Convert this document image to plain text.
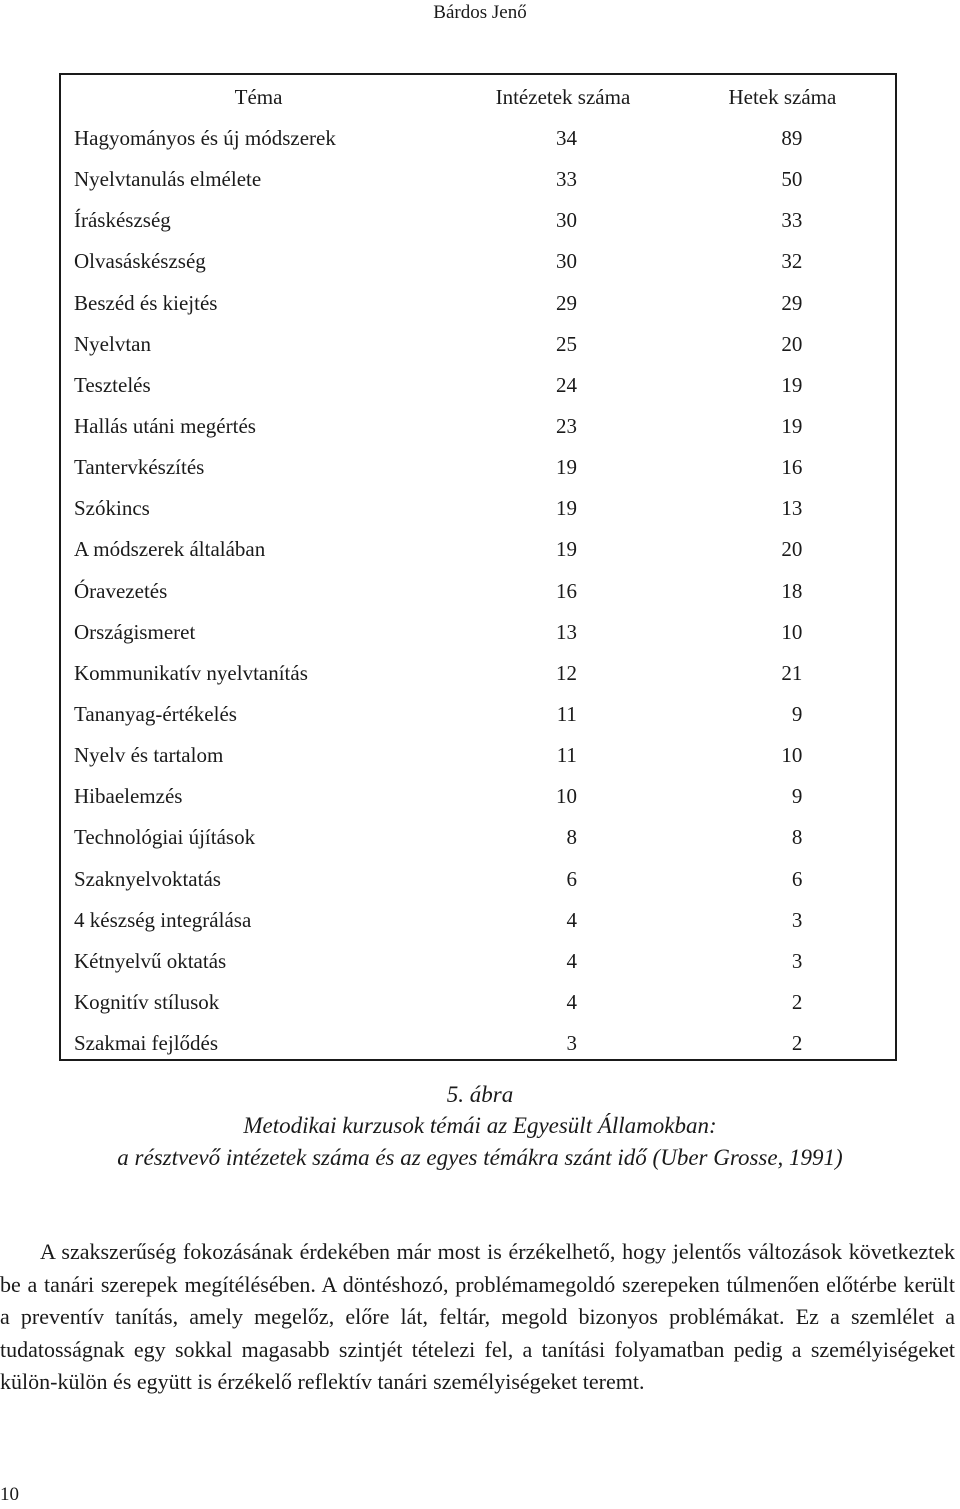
Bárdos Jenő
Téma	Intézetek száma	Hetek száma
Hagyományos és új módszerek	34	89
Nyelvtanulás elmélete	33	50
Íráskészség	30	33
Olvasáskészség	30	32
Beszéd és kiejtés	29	29
Nyelvtan	25	20
Tesztelés	24	19
Hallás utáni megértés	23	19
Tantervkészítés	19	16
Szókincs	19	13
A módszerek általában	19	20
Óravezetés	16	18
Országismeret	13	10
Kommunikatív nyelvtanítás	12	21
Tananyag-értékelés	11	9
Nyelv és tartalom	11	10
Hibaelemzés	10	9
Technológiai újítások	8	8
Szaknyelvoktatás	6	6
4 készség integrálása	4	3
Kétnyelvű oktatás	4	3
Kognitív stílusok	4	2
Szakmai fejlődés	3	2
5. ábra
Metodikai kurzusok témái az Egyesült Államokban:
a résztvevő intézetek száma és az egyes témákra szánt idő (Uber Grosse, 1991)

A szakszerűség fokozásának érdekében már most is érzékelhető, hogy jelentős változások következtek be a tanári szerepek megítélésében. A döntéshozó, problémamegoldó szerepeken túlmenően előtérbe került a preventív tanítás, amely megelőz, előre lát, feltár, megold bizonyos problémákat. Ez a szemlélet a tudatosságnak egy sokkal magasabb szintjét tételezi fel, a tanítási folyamatban pedig a személyiségeket külön-külön és együtt is érzékelő reflektív tanári személyiségeket teremt.

10
